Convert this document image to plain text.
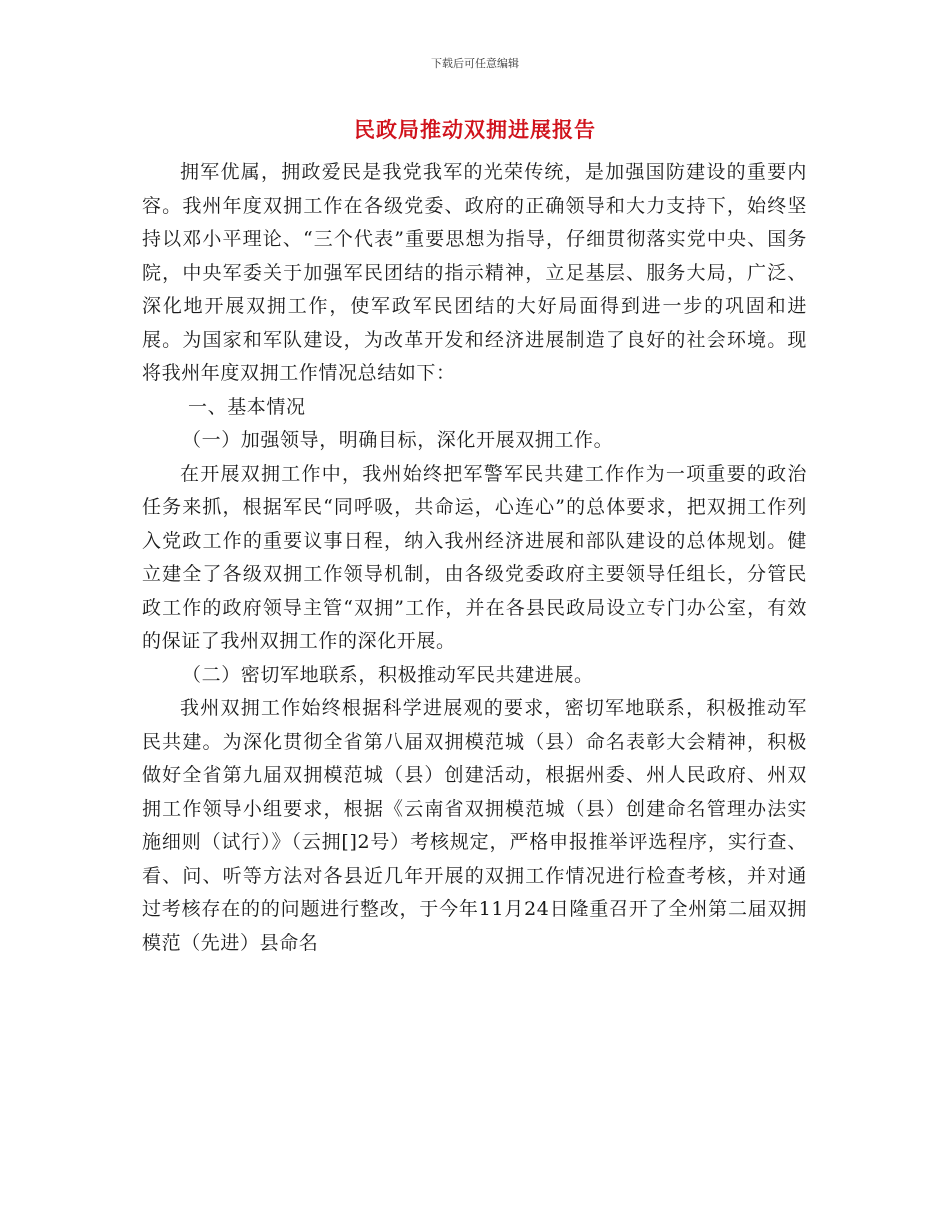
下载后可任意编辑
民政局推动双拥进展报告

拥军优属，拥政爱民是我党我军的光荣传统，是加强国防建设的重要内容。我州年度双拥工作在各级党委、政府的正确领导和大力支持下，始终坚持以邓小平理论、“三个代表”重要思想为指导，仔细贯彻落实党中央、国务院，中央军委关于加强军民团结的指示精神，立足基层、服务大局，广泛、深化地开展双拥工作，使军政军民团结的大好局面得到进一步的巩固和进展。为国家和军队建设，为改革开发和经济进展制造了良好的社会环境。现将我州年度双拥工作情况总结如下：

一、基本情况

（一）加强领导，明确目标，深化开展双拥工作。

在开展双拥工作中，我州始终把军警军民共建工作作为一项重要的政治任务来抓，根据军民“同呼吸，共命运，心连心”的总体要求，把双拥工作列入党政工作的重要议事日程，纳入我州经济进展和部队建设的总体规划。健立建全了各级双拥工作领导机制，由各级党委政府主要领导任组长，分管民政工作的政府领导主管“双拥”工作，并在各县民政局设立专门办公室，有效的保证了我州双拥工作的深化开展。

（二）密切军地联系，积极推动军民共建进展。

我州双拥工作始终根据科学进展观的要求，密切军地联系，积极推动军民共建。为深化贯彻全省第八届双拥模范城（县）命名表彰大会精神，积极做好全省第九届双拥模范城（县）创建活动，根据州委、州人民政府、州双拥工作领导小组要求，根据《云南省双拥模范城（县）创建命名管理办法实施细则（试行）》（云拥[]2号）考核规定，严格申报推举评选程序，实行查、看、问、听等方法对各县近几年开展的双拥工作情况进行检查考核，并对通过考核存在的的问题进行整改，于今年11月24日隆重召开了全州第二届双拥模范（先进）县命名
